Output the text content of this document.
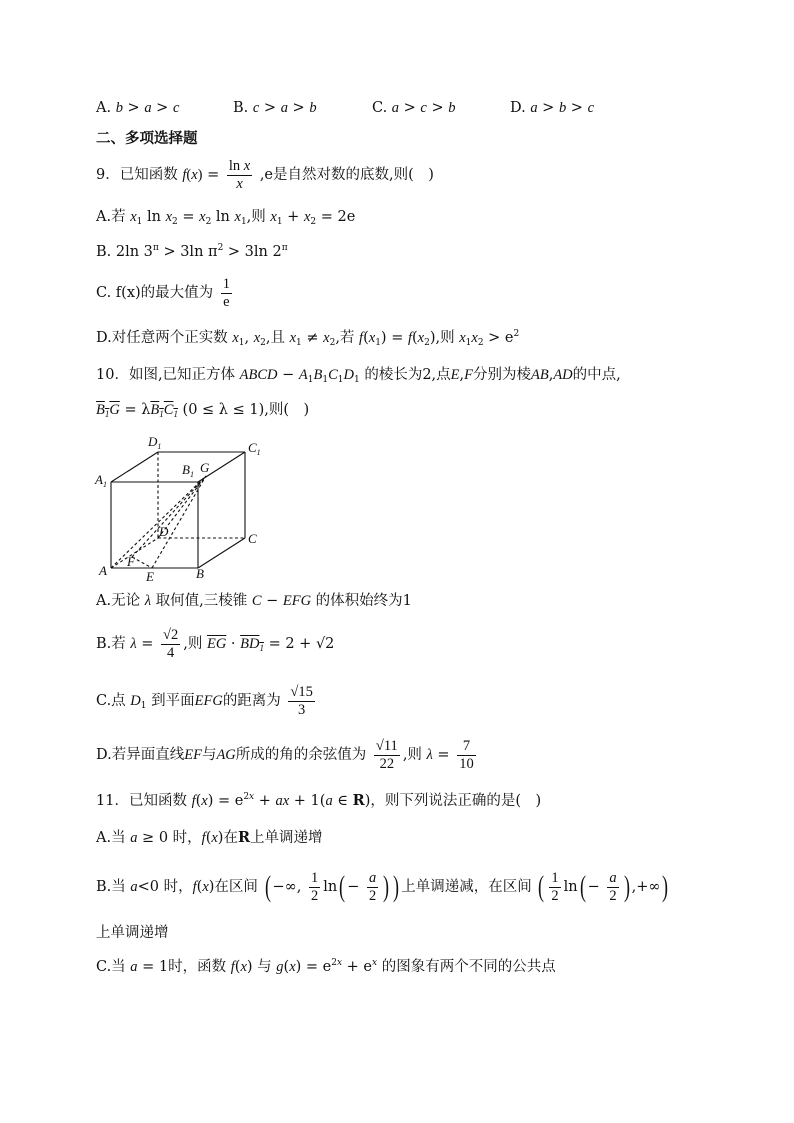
A. b > a > c	B. c > a > b	C. a > c > b	D. a > b > c
二、多项选择题
9．已知函数 $f(x) = \frac{\text{ln x}}{x} ,e$是自然对数的底数,则(　)
A.若 $x_1$ $\ln x_2 = x_2$ $\ln x_1$,则 $x_1 + x_2 = 2e$
B. 2ln $3^\pi > 3\ln$ $\pi^2 > 3\ln$ $2^\pi$
C. f(x)的最大值为 $\frac{1}{e}$
D.对任意两个正实数 $x_1$, $x_2$,且 $x_1 \ne x_2$,若 $f(x_1) = f(x_2)$,则 $x_1x_2 > e^2$
10．如图,已知正方体 ABCD − $A_1B_1C_1D_1$ 的棱长为2,点E,F分别为棱AB,AD的中点,
$B_1G = \lambda B_1C_1$ (0 ≤ λ ≤ 1),则(　)
$D_1$	$C_1$
$A_1$
$B_1$ G
D	C
A
F
E	B
A.无论 λ 取何值,三棱锥 C − EFG 的体积始终为1
B.若 $\lambda = \frac{√2}{4}$ ,则 $\overline{EG} \cdot BD_1 = 2 + √2$
C.点 $D_1$ 到平面EFG的距离为 $\frac{√15}{3}$
D.若异面直线EF与AG所成的角的余弦值为 $\frac{√11}{22}$ ,则 $\lambda = \frac{7}{10}$
11．已知函数 $f(x) = e^{2x}$ + ax + 1(a ∈ R)，则下列说法正确的是(　)
A.当 a ≥ 0 时，f(x)在R上单调递增
B.当 a<0 时，f(x)在区间 ( −∞, $\frac{1}{2} \ln( - \frac{a}{2}$ ) ) 上单调递减，在区间 ( $\frac{1}{2} \ln( - \frac{a}{2}$ ) ,+∞)
上单调递增
C.当 a = 1时，函数 f(x) 与 $g(x) = e^{2x} + e^x$ 的图象有两个不同的公共点
